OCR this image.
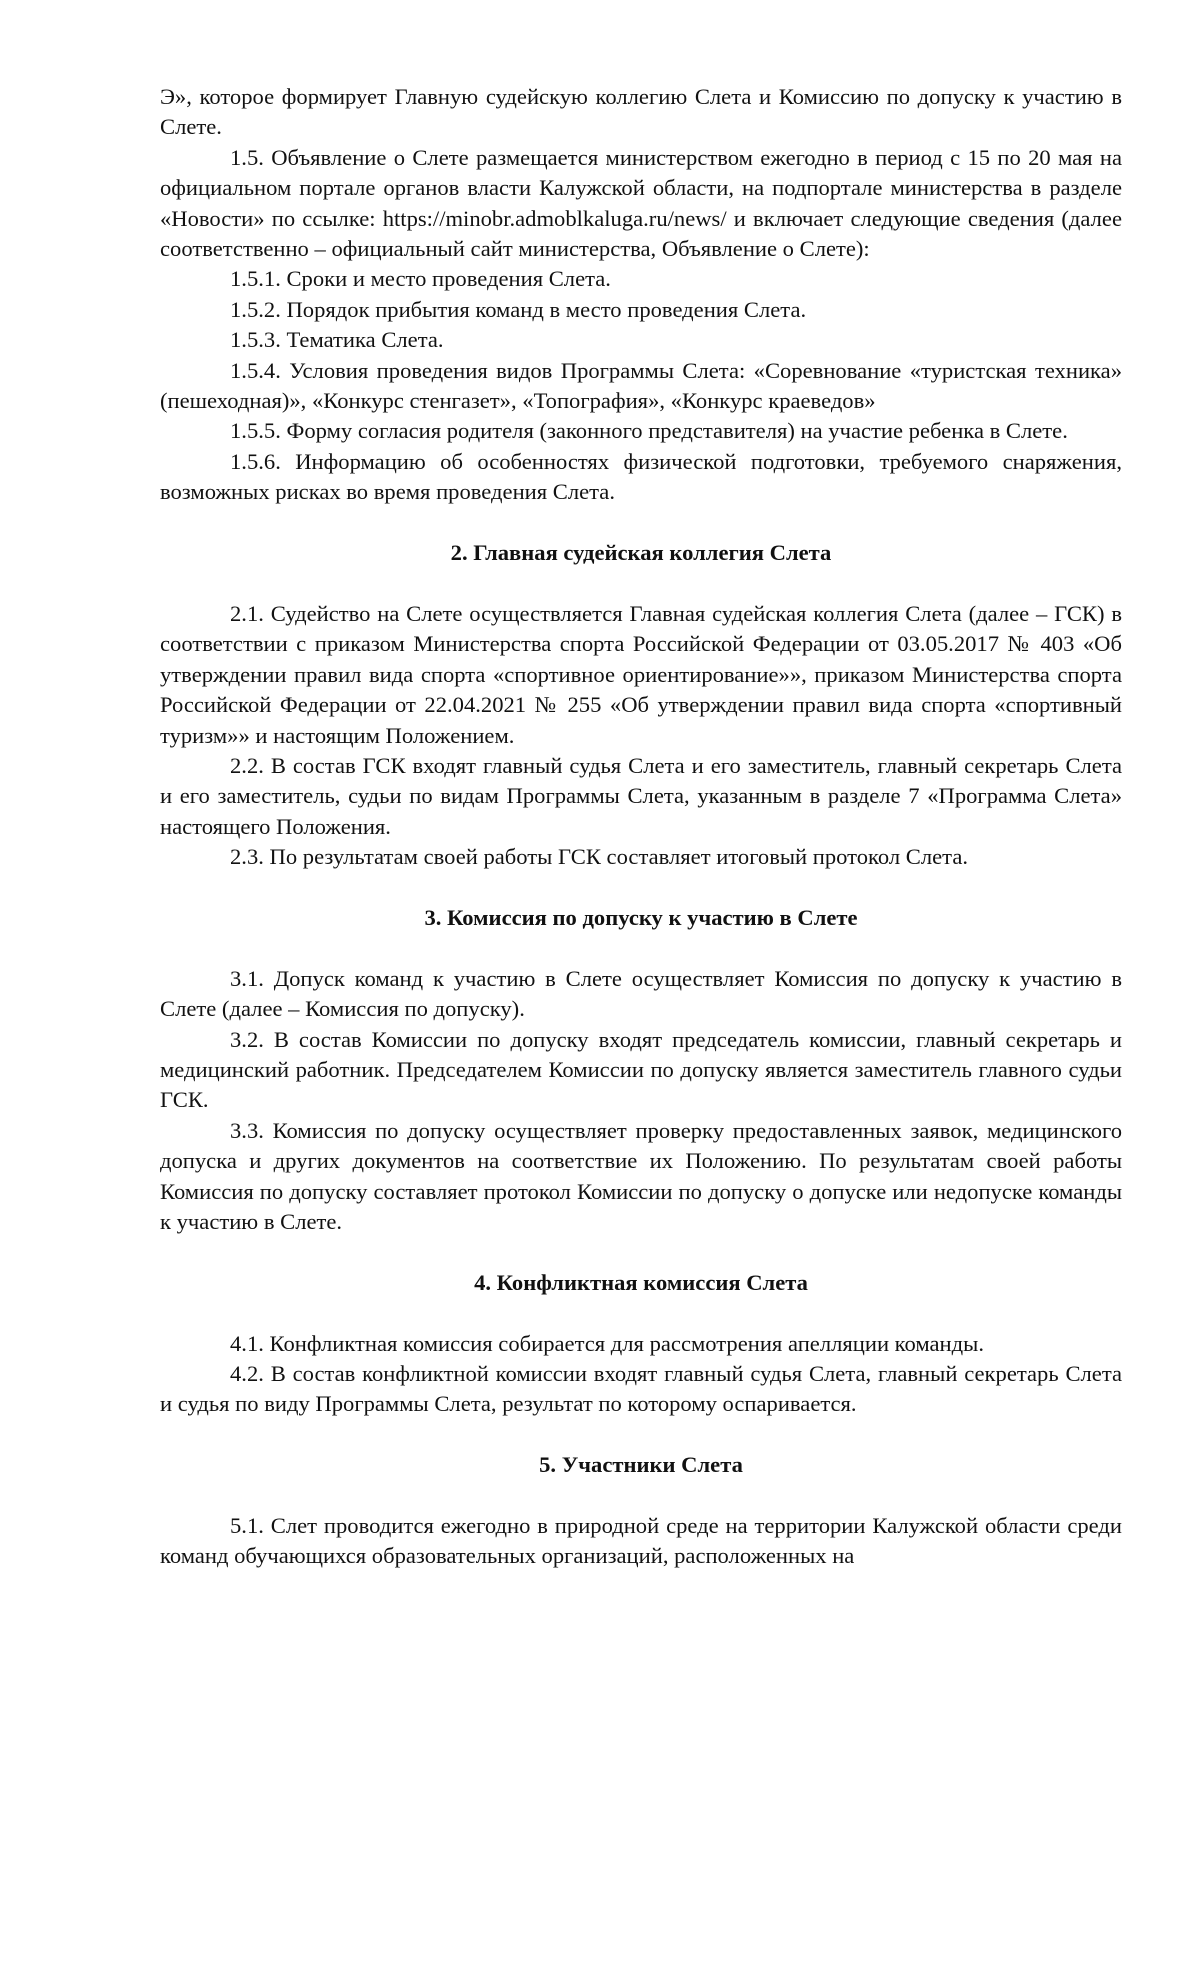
Э», которое формирует Главную судейскую коллегию Слета и Комиссию по допуску к участию в Слете.

1.5. Объявление о Слете размещается министерством ежегодно в период с 15 по 20 мая на официальном портале органов власти Калужской области, на подпортале министерства в разделе «Новости» по ссылке: https://minobr.admoblkaluga.ru/news/ и включает следующие сведения (далее соответственно – официальный сайт министерства, Объявление о Слете):

1.5.1. Сроки и место проведения Слета.

1.5.2. Порядок прибытия команд в место проведения Слета.

1.5.3. Тематика Слета.

1.5.4. Условия проведения видов Программы Слета: «Соревнование «туристская техника» (пешеходная)», «Конкурс стенгазет», «Топография», «Конкурс краеведов»

1.5.5. Форму согласия родителя (законного представителя) на участие ребенка в Слете.

1.5.6. Информацию об особенностях физической подготовки, требуемого снаряжения, возможных рисках во время проведения Слета.

2. Главная судейская коллегия Слета

2.1. Судейство на Слете осуществляется Главная судейская коллегия Слета (далее – ГСК) в соответствии с приказом Министерства спорта Российской Федерации от 03.05.2017 № 403 «Об утверждении правил вида спорта «спортивное ориентирование»», приказом Министерства спорта Российской Федерации от 22.04.2021 № 255 «Об утверждении правил вида спорта «спортивный туризм»» и настоящим Положением.

2.2. В состав ГСК входят главный судья Слета и его заместитель, главный секретарь Слета и его заместитель, судьи по видам Программы Слета, указанным в разделе 7 «Программа Слета» настоящего Положения.

2.3. По результатам своей работы ГСК составляет итоговый протокол Слета.

3. Комиссия по допуску к участию в Слете

3.1. Допуск команд к участию в Слете осуществляет Комиссия по допуску к участию в Слете (далее – Комиссия по допуску).

3.2. В состав Комиссии по допуску входят председатель комиссии, главный секретарь и медицинский работник. Председателем Комиссии по допуску является заместитель главного судьи ГСК.

3.3. Комиссия по допуску осуществляет проверку предоставленных заявок, медицинского допуска и других документов на соответствие их Положению. По результатам своей работы Комиссия по допуску составляет протокол Комиссии по допуску о допуске или недопуске команды к участию в Слете.

4. Конфликтная комиссия Слета

4.1. Конфликтная комиссия собирается для рассмотрения апелляции команды.

4.2. В состав конфликтной комиссии входят главный судья Слета, главный секретарь Слета и судья по виду Программы Слета, результат по которому оспаривается.

5. Участники Слета

5.1. Слет проводится ежегодно в природной среде на территории Калужской области среди команд обучающихся образовательных организаций, расположенных на
